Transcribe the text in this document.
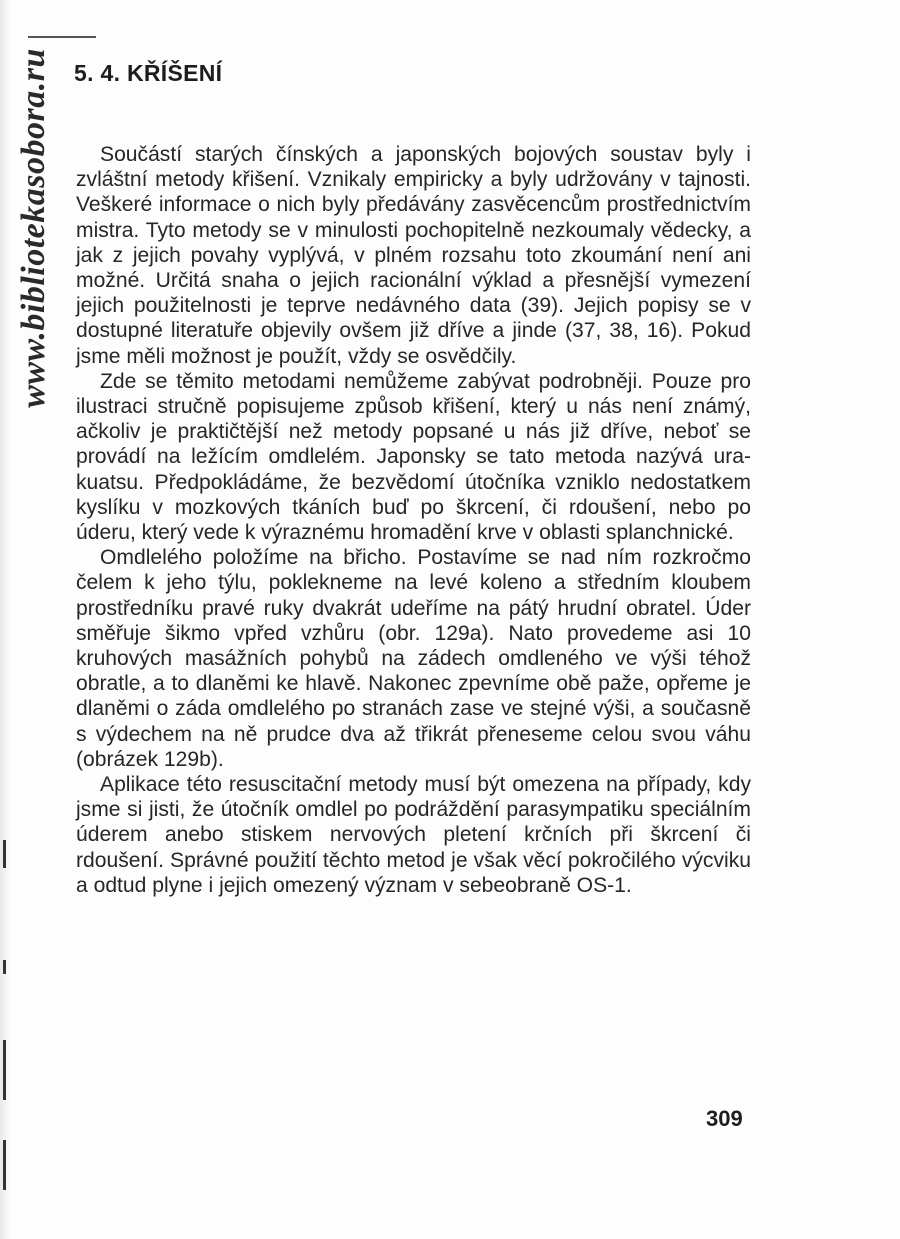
www.bibliotekasobora.ru 5. 4. KŘÍŠENÍ

Součástí starých čínských a japonských bojových soustav byly i zvláštní metody křišení. Vznikaly empiricky a byly udržovány v tajnosti. Veškeré informace o nich byly předávány zasvěcencům prostřednictvím mistra. Tyto metody se v minulosti pochopitelně nezkoumaly vědecky, a jak z jejich povahy vyplývá, v plném rozsahu toto zkoumání není ani možné. Určitá snaha o jejich racionální výklad a přesnější vymezení jejich použitelnosti je teprve nedávného data (39). Jejich popisy se v dostupné literatuře objevily ovšem již dříve a jinde (37, 38, 16). Pokud jsme měli možnost je použít, vždy se osvědčily.

Zde se těmito metodami nemůžeme zabývat podrobněji. Pouze pro ilustraci stručně popisujeme způsob křišení, který u nás není známý, ačkoliv je praktičtější než metody popsané u nás již dříve, neboť se provádí na ležícím omdlelém. Japonsky se tato metoda nazývá ura-kuatsu. Předpokládáme, že bezvědomí útočníka vzniklo nedostatkem kyslíku v mozkových tkáních buď po škrcení, či rdoušení, nebo po úderu, který vede k výraznému hromadění krve v oblasti splanchnické.

Omdlelého položíme na břicho. Postavíme se nad ním rozkročmo čelem k jeho týlu, poklekneme na levé koleno a středním kloubem prostředníku pravé ruky dvakrát udeříme na pátý hrudní obratel. Úder směřuje šikmo vpřed vzhůru (obr. 129a). Nato provedeme asi 10 kruhových masážních pohybů na zádech omdleného ve výši téhož obratle, a to dlaněmi ke hlavě. Nakonec zpevníme obě paže, opřeme je dlaněmi o záda omdlelého po stranách zase ve stejné výši, a současně s výdechem na ně prudce dva až třikrát přeneseme celou svou váhu (obrázek 129b).

Aplikace této resuscitační metody musí být omezena na případy, kdy jsme si jisti, že útočník omdlel po podráždění parasympatiku speciálním úderem anebo stiskem nervových pletení krčních při škrcení či rdoušení. Správné použití těchto metod je však věcí pokročilého výcviku a odtud plyne i jejich omezený význam v sebeobraně OS-1.

309
